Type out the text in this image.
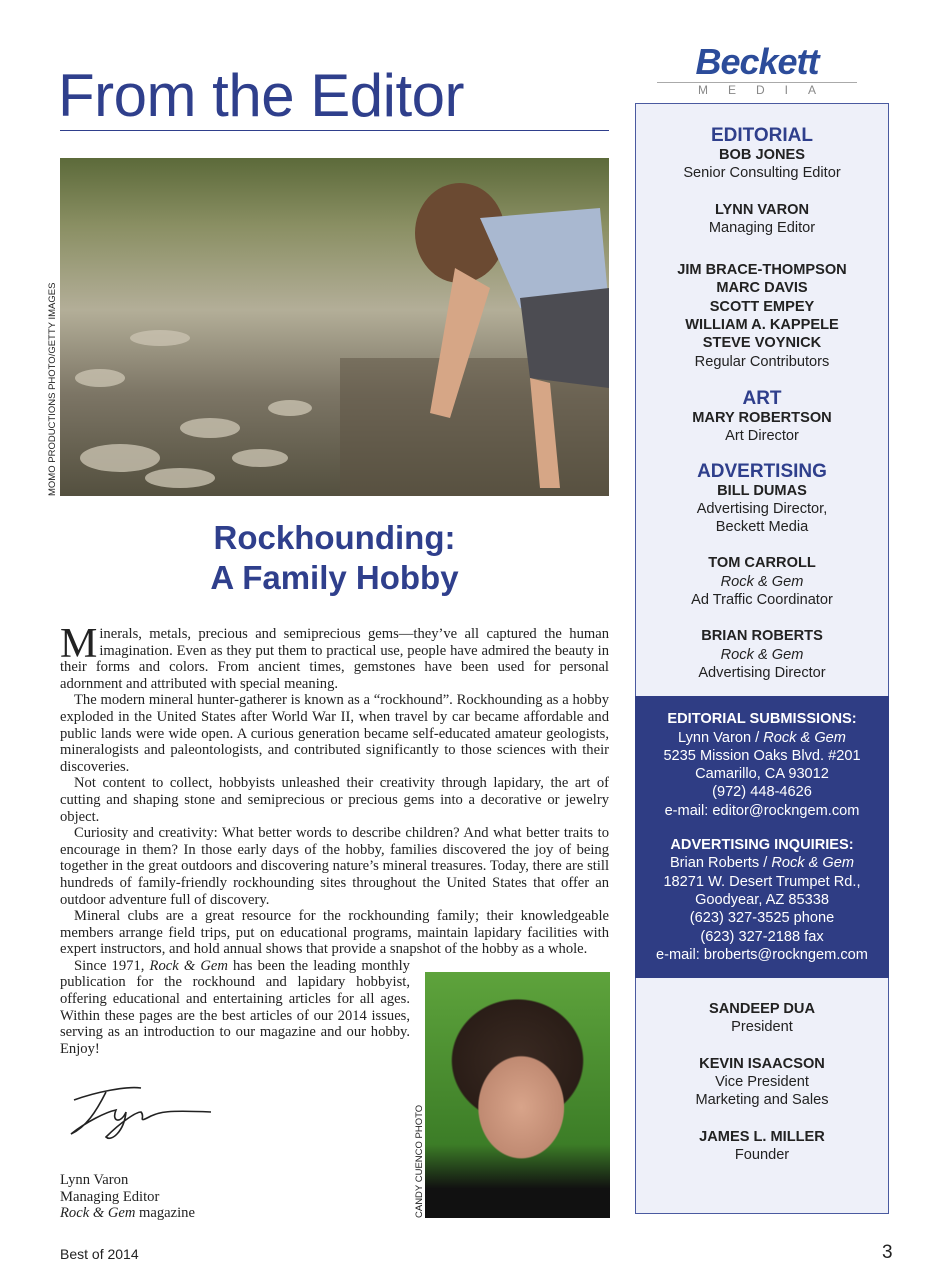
From the Editor
MOMO PRODUCTIONS PHOTO/GETTY IMAGES
Rockhounding:
A Family Hobby

Minerals, metals, precious and semiprecious gems—they’ve all captured the human imagination. Even as they put them to practical use, people have admired the beauty in their forms and colors. From ancient times, gemstones have been used for personal adornment and attributed with special meaning.

The modern mineral hunter-gatherer is known as a “rockhound”. Rockhounding as a hobby exploded in the United States after World War II, when travel by car became affordable and public lands were wide open. A curious generation became self-educated amateur geologists, mineralogists and paleontologists, and contributed significantly to those sciences with their discoveries.

Not content to collect, hobbyists unleashed their creativity through lapidary, the art of cutting and shaping stone and semiprecious or precious gems into a decorative or jewelry object.

Curiosity and creativity: What better words to describe children? And what better traits to encourage in them? In those early days of the hobby, families discovered the joy of being together in the great outdoors and discovering nature’s mineral treasures. Today, there are still hundreds of family-friendly rockhounding sites throughout the United States that offer an outdoor adventure full of discovery.

Mineral clubs are a great resource for the rockhounding family; their knowledgeable members arrange field trips, put on educational programs, maintain lapidary facilities with expert instructors, and hold annual shows that provide a snapshot of the hobby as a whole.

Since 1971, Rock & Gem has been the leading monthly publication for the rockhound and lapidary hobbyist, offering educational and entertaining articles for all ages. Within these pages are the best articles of our 2014 issues, serving as an introduction to our magazine and our hobby. Enjoy!

Lynn Varon
Managing Editor
Rock & Gem magazine	CANDY CUENCO PHOTO
Beckett
MEDIA
EDITORIAL
BOB JONES
Senior Consulting Editor
LYNN VARON
Managing Editor
JIM BRACE-THOMPSON
MARC DAVIS
SCOTT EMPEY
WILLIAM A. KAPPELE
STEVE VOYNICK
Regular Contributors
ART
MARY ROBERTSON
Art Director
ADVERTISING
BILL DUMAS
Advertising Director,
Beckett Media
TOM CARROLL
Rock & Gem
Ad Traffic Coordinator
BRIAN ROBERTS
Rock & Gem
Advertising Director
EDITORIAL SUBMISSIONS:
Lynn Varon / Rock & Gem
5235 Mission Oaks Blvd. #201
Camarillo, CA 93012
(972) 448-4626
e-mail: editor@rockngem.com
ADVERTISING INQUIRIES:
Brian Roberts / Rock & Gem
18271 W. Desert Trumpet Rd.,
Goodyear, AZ 85338
(623) 327-3525 phone
(623) 327-2188 fax
e-mail: broberts@rockngem.com
SANDEEP DUA
President
KEVIN ISAACSON
Vice President
Marketing and Sales
JAMES L. MILLER
Founder
Best of 2014	3
